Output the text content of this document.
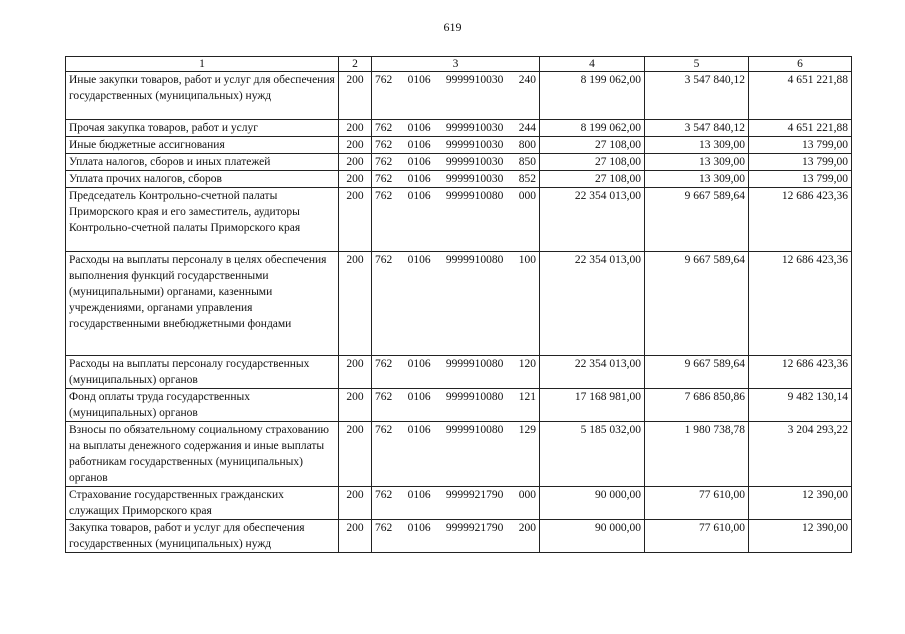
619
1	2	3	4	5	6
Иные закупки товаров, работ и услуг для обеспечения государственных (муниципальных) нужд	200	762 0106 9999910030 240	8 199 062,00	3 547 840,12	4 651 221,88
Прочая закупка товаров, работ и услуг	200	762 0106 9999910030 244	8 199 062,00	3 547 840,12	4 651 221,88
Иные бюджетные ассигнования	200	762 0106 9999910030 800	27 108,00	13 309,00	13 799,00
Уплата налогов, сборов и иных платежей	200	762 0106 9999910030 850	27 108,00	13 309,00	13 799,00
Уплата прочих налогов, сборов	200	762 0106 9999910030 852	27 108,00	13 309,00	13 799,00
Председатель Контрольно-счетной палаты Приморского края и его заместитель, аудиторы Контрольно-счетной палаты Приморского края	200	762 0106 9999910080 000	22 354 013,00	9 667 589,64	12 686 423,36
Расходы на выплаты персоналу в целях обеспечения выполнения функций государственными (муниципальными) органами, казенными учреждениями, органами управления государственными внебюджетными фондами	200	762 0106 9999910080 100	22 354 013,00	9 667 589,64	12 686 423,36
Расходы на выплаты персоналу государственных (муниципальных) органов	200	762 0106 9999910080 120	22 354 013,00	9 667 589,64	12 686 423,36
Фонд оплаты труда государственных (муниципальных) органов	200	762 0106 9999910080 121	17 168 981,00	7 686 850,86	9 482 130,14
Взносы по обязательному социальному страхованию на выплаты денежного содержания и иные выплаты работникам государственных (муниципальных) органов	200	762 0106 9999910080 129	5 185 032,00	1 980 738,78	3 204 293,22
Страхование государственных гражданских служащих Приморского края	200	762 0106 9999921790 000	90 000,00	77 610,00	12 390,00
Закупка товаров, работ и услуг для обеспечения государственных (муниципальных) нужд	200	762 0106 9999921790 200	90 000,00	77 610,00	12 390,00
